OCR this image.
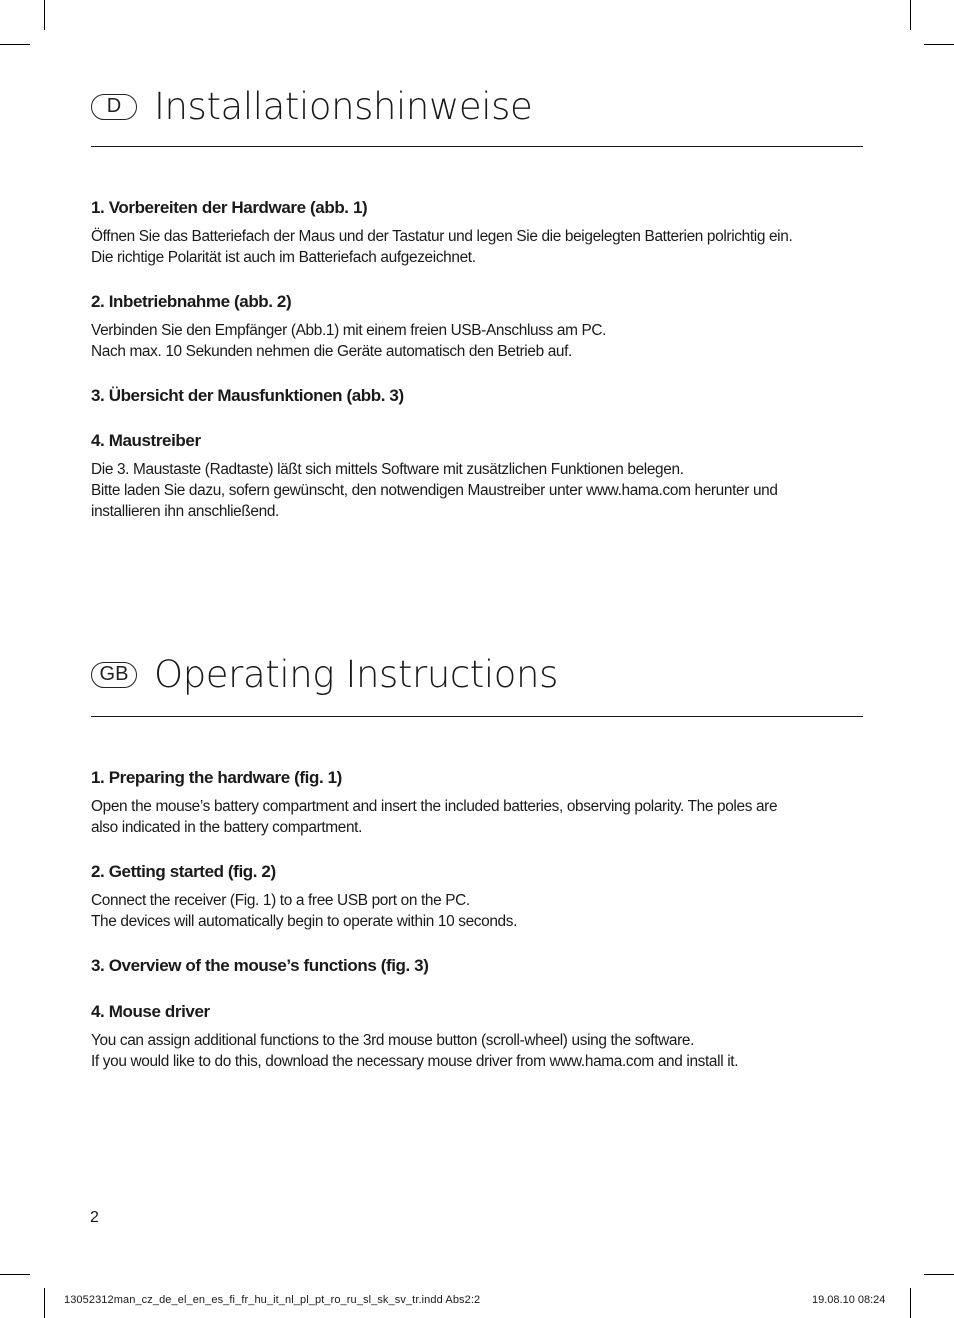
D Installationshinweise
1. Vorbereiten der Hardware (abb. 1)
Öffnen Sie das Batteriefach der Maus und der Tastatur und legen Sie die beigelegten Batterien polrichtig ein.
Die richtige Polarität ist auch im Batteriefach aufgezeichnet.
2. Inbetriebnahme (abb. 2)
Verbinden Sie den Empfänger (Abb.1) mit einem freien USB-Anschluss am PC.
Nach max. 10 Sekunden nehmen die Geräte automatisch den Betrieb auf.
3. Übersicht der Mausfunktionen (abb. 3)
4. Maustreiber
Die 3. Maustaste (Radtaste) läßt sich mittels Software mit zusätzlichen Funktionen belegen.
Bitte laden Sie dazu, sofern gewünscht, den notwendigen Maustreiber unter www.hama.com herunter und
installieren ihn anschließend.
GB Operating Instructions
1. Preparing the hardware (fig. 1)
Open the mouse’s battery compartment and insert the included batteries, observing polarity. The poles are
also indicated in the battery compartment.
2. Getting started (fig. 2)
Connect the receiver (Fig. 1) to a free USB port on the PC.
The devices will automatically begin to operate within 10 seconds.
3. Overview of the mouse’s functions (fig. 3)
4. Mouse driver
You can assign additional functions to the 3rd mouse button (scroll-wheel) using the software.
If you would like to do this, download the necessary mouse driver from www.hama.com and install it.
2
13052312man_cz_de_el_en_es_fi_fr_hu_it_nl_pl_pt_ro_ru_sl_sk_sv_tr.indd Abs2:2	19.08.10 08:24
